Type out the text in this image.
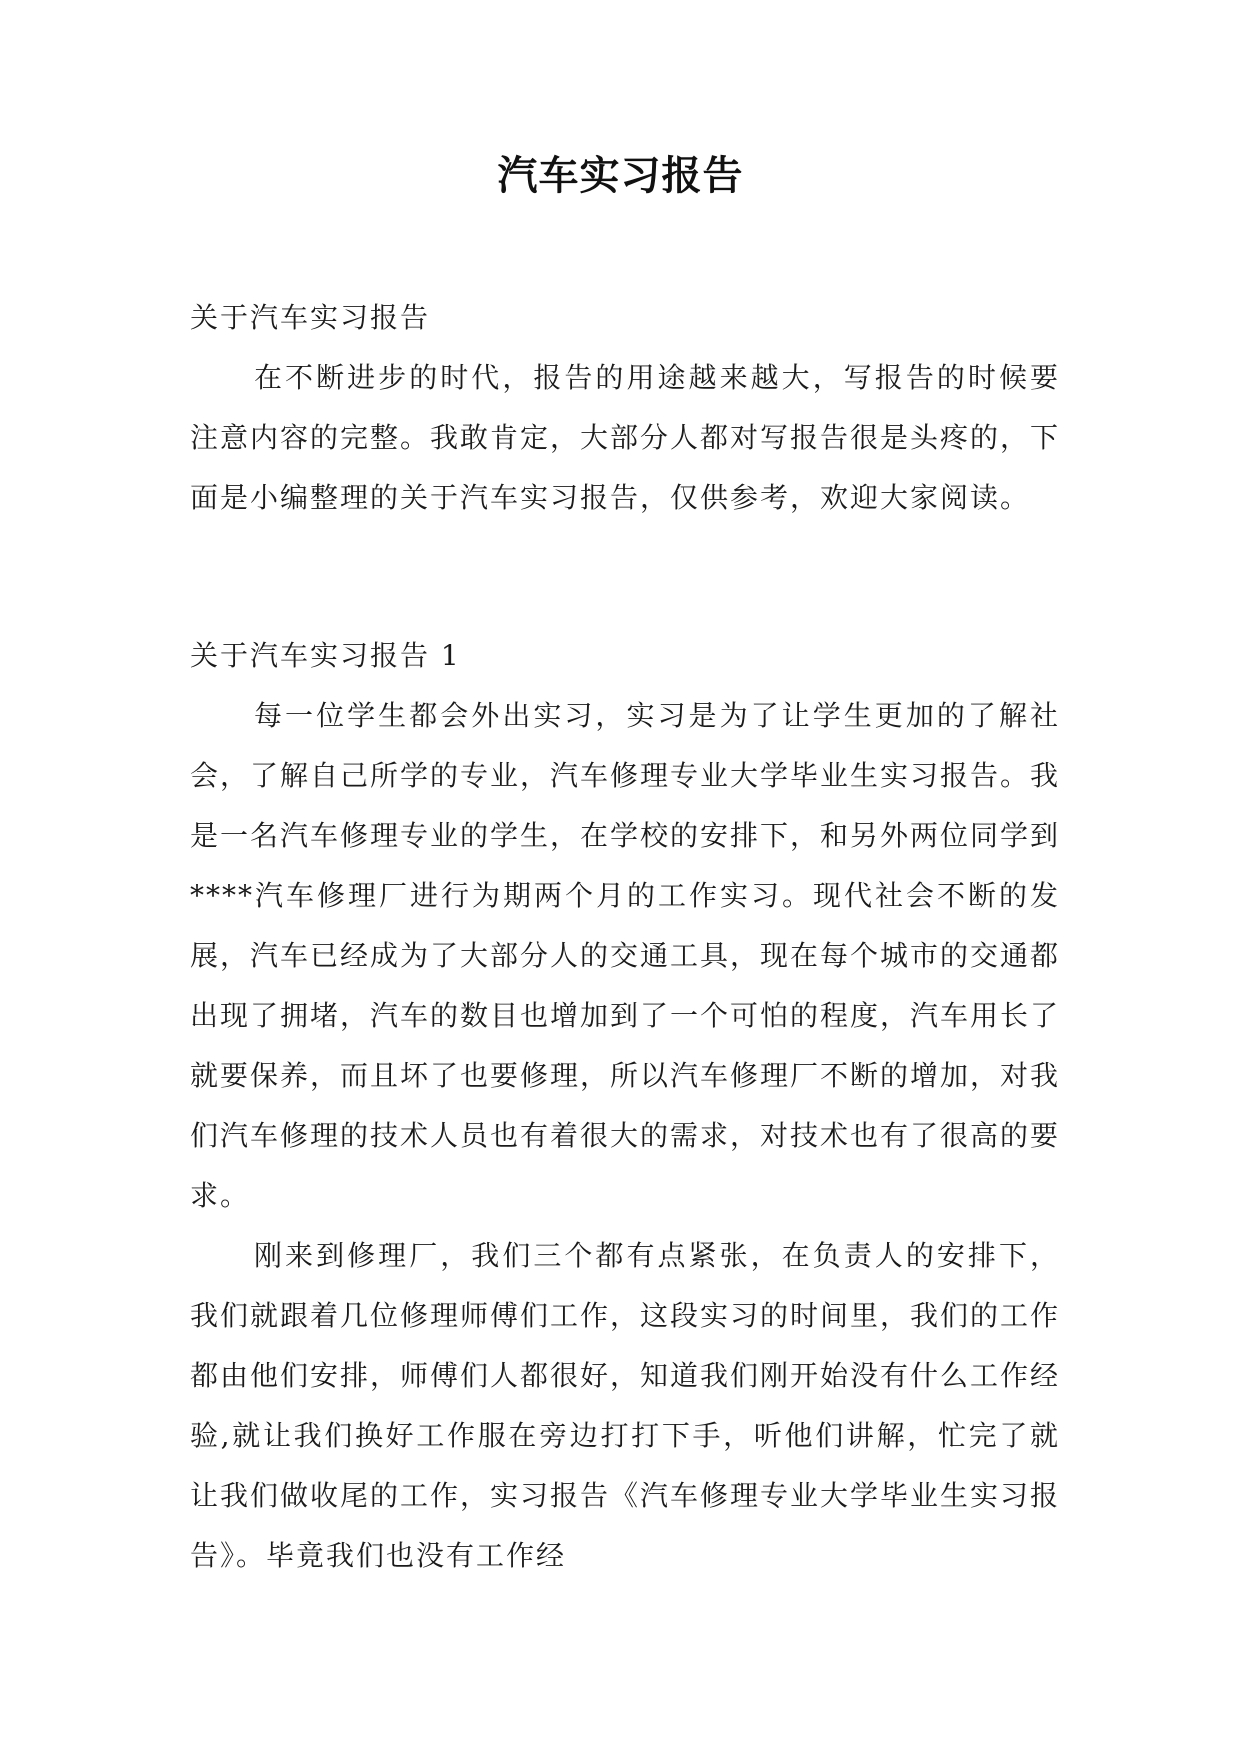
汽车实习报告

关于汽车实习报告

在不断进步的时代，报告的用途越来越大，写报告的时候要注意内容的完整。我敢肯定，大部分人都对写报告很是头疼的，下面是小编整理的关于汽车实习报告，仅供参考，欢迎大家阅读。

关于汽车实习报告 1

每一位学生都会外出实习，实习是为了让学生更加的了解社会，了解自己所学的专业，汽车修理专业大学毕业生实习报告。我是一名汽车修理专业的学生，在学校的安排下，和另外两位同学到****汽车修理厂进行为期两个月的工作实习。现代社会不断的发展，汽车已经成为了大部分人的交通工具，现在每个城市的交通都出现了拥堵，汽车的数目也增加到了一个可怕的程度，汽车用长了就要保养，而且坏了也要修理，所以汽车修理厂不断的增加，对我们汽车修理的技术人员也有着很大的需求，对技术也有了很高的要求。

刚来到修理厂，我们三个都有点紧张，在负责人的安排下，我们就跟着几位修理师傅们工作，这段实习的时间里，我们的工作都由他们安排，师傅们人都很好，知道我们刚开始没有什么工作经验,就让我们换好工作服在旁边打打下手，听他们讲解，忙完了就让我们做收尾的工作，实习报告《汽车修理专业大学毕业生实习报告》。毕竟我们也没有工作经
